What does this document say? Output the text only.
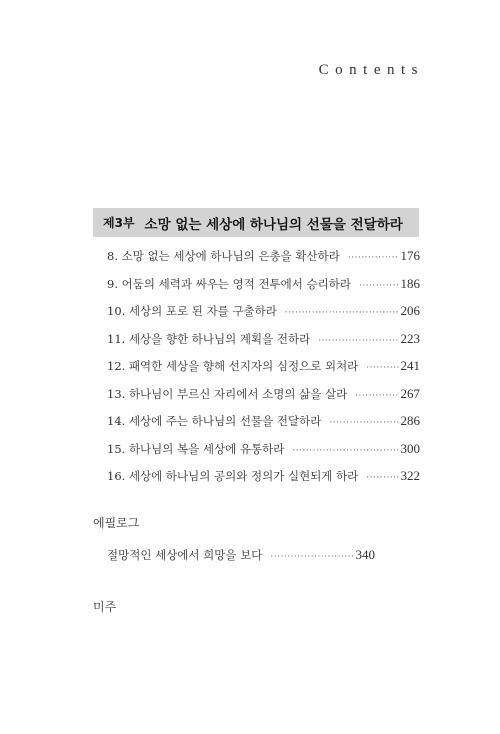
Contents
제3부 소망 없는 세상에 하나님의 선물을 전달하라
8. 소망 없는 세상에 하나님의 은총을 확산하라 ·····	176
9. 어둠의 세력과 싸우는 영적 전투에서 승리하라 ·····	186
10. 세상의 포로 된 자를 구출하라 ·····	206
11. 세상을 향한 하나님의 계획을 전하라 ·····	223
12. 패역한 세상을 향해 선지자의 심정으로 외쳐라 ·····	241
13. 하나님이 부르신 자리에서 소명의 삶을 살라 ·····	267
14. 세상에 주는 하나님의 선물을 전달하라 ·····	286
15. 하나님의 복을 세상에 유통하라 ·····	300
16. 세상에 하나님의 공의와 정의가 실현되게 하라 ·····	322
에필로그
절망적인 세상에서 희망을 보다 ·····	340
미주
